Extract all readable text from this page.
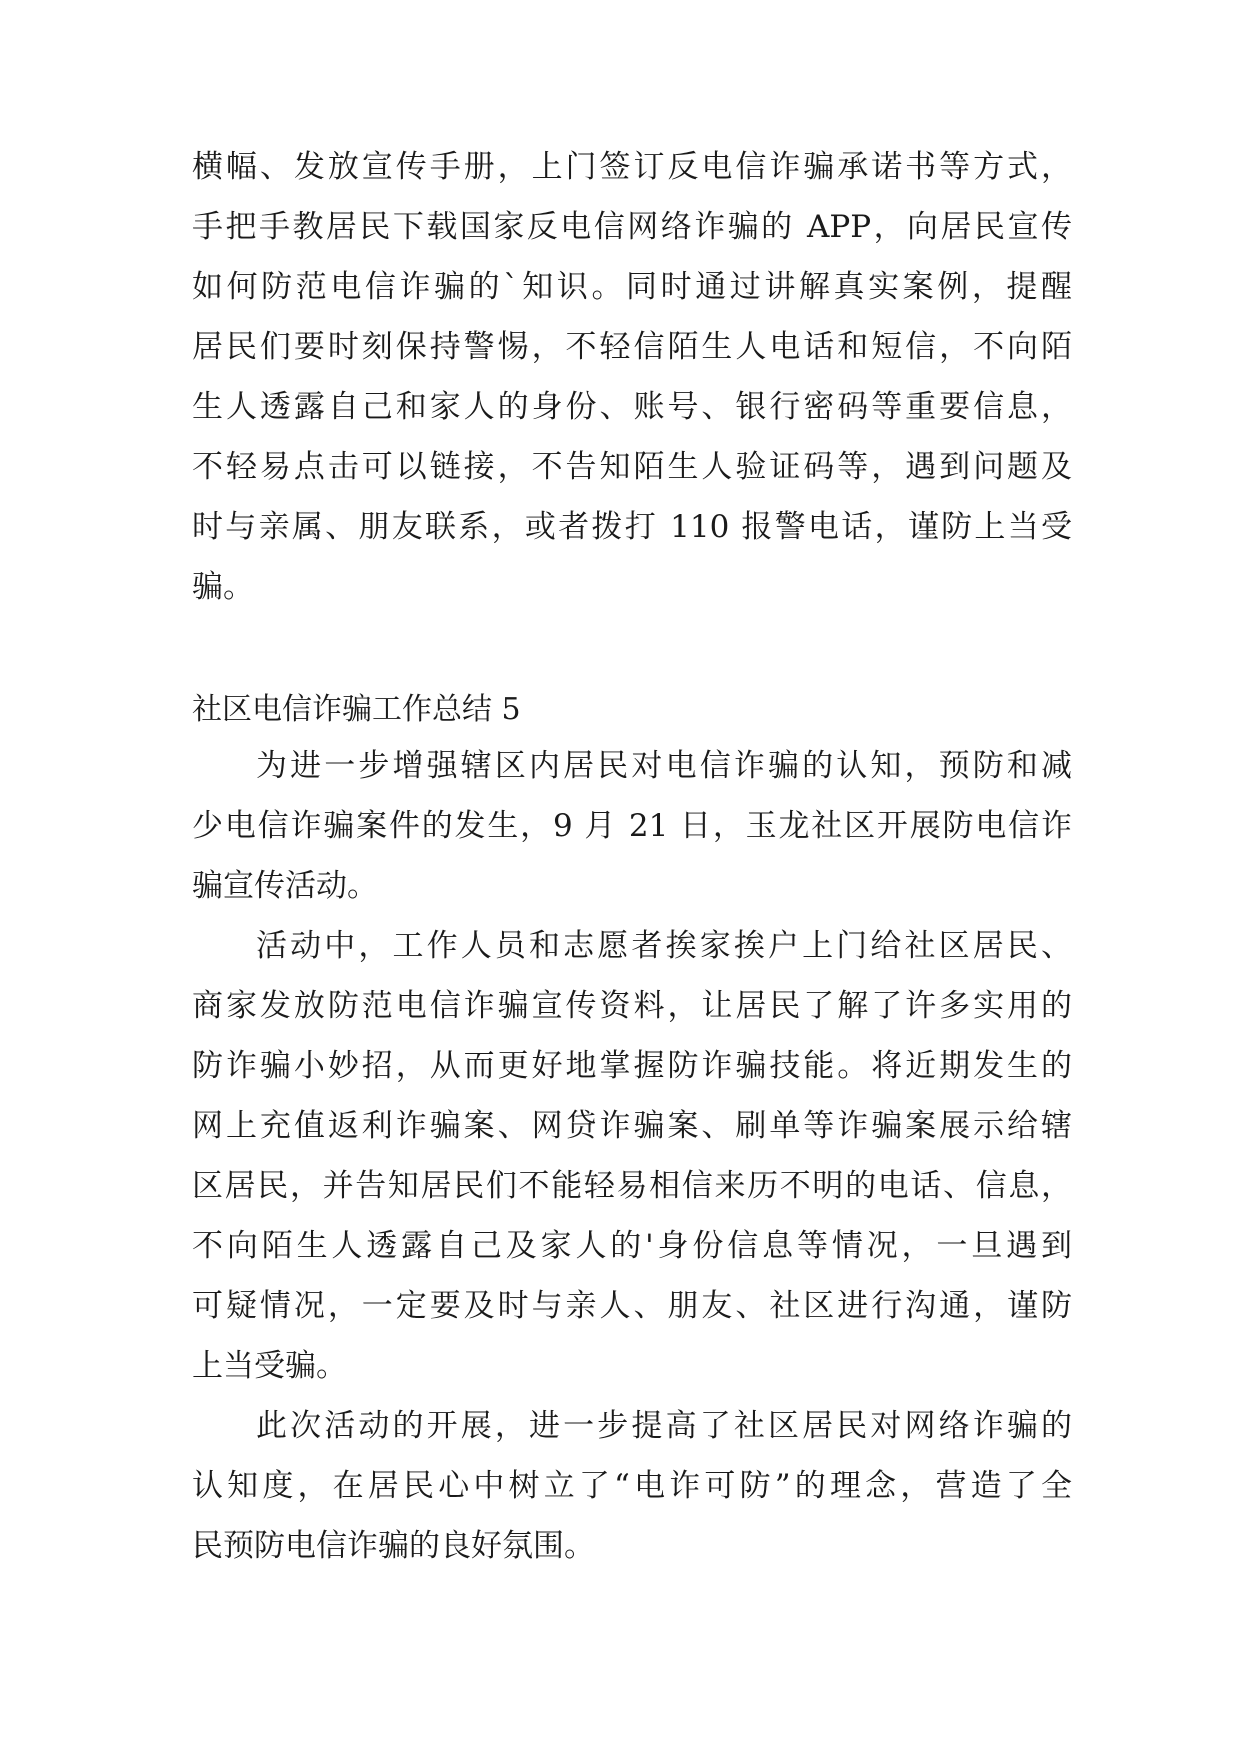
横幅、发放宣传手册，上门签订反电信诈骗承诺书等方式，
手把手教居民下载国家反电信网络诈骗的 APP，向居民宣传
如何防范电信诈骗的`知识。同时通过讲解真实案例，提醒
居民们要时刻保持警惕，不轻信陌生人电话和短信，不向陌
生人透露自己和家人的身份、账号、银行密码等重要信息，
不轻易点击可以链接，不告知陌生人验证码等，遇到问题及
时与亲属、朋友联系，或者拨打 110 报警电话，谨防上当受
骗。
社区电信诈骗工作总结 5
为进一步增强辖区内居民对电信诈骗的认知，预防和减
少电信诈骗案件的发生，9 月 21 日，玉龙社区开展防电信诈
骗宣传活动。
活动中，工作人员和志愿者挨家挨户上门给社区居民、
商家发放防范电信诈骗宣传资料，让居民了解了许多实用的
防诈骗小妙招，从而更好地掌握防诈骗技能。将近期发生的
网上充值返利诈骗案、网贷诈骗案、刷单等诈骗案展示给辖
区居民，并告知居民们不能轻易相信来历不明的电话、信息，
不向陌生人透露自己及家人的'身份信息等情况，一旦遇到
可疑情况，一定要及时与亲人、朋友、社区进行沟通，谨防
上当受骗。
此次活动的开展，进一步提高了社区居民对网络诈骗的
认知度，在居民心中树立了“电诈可防”的理念，营造了全
民预防电信诈骗的良好氛围。
